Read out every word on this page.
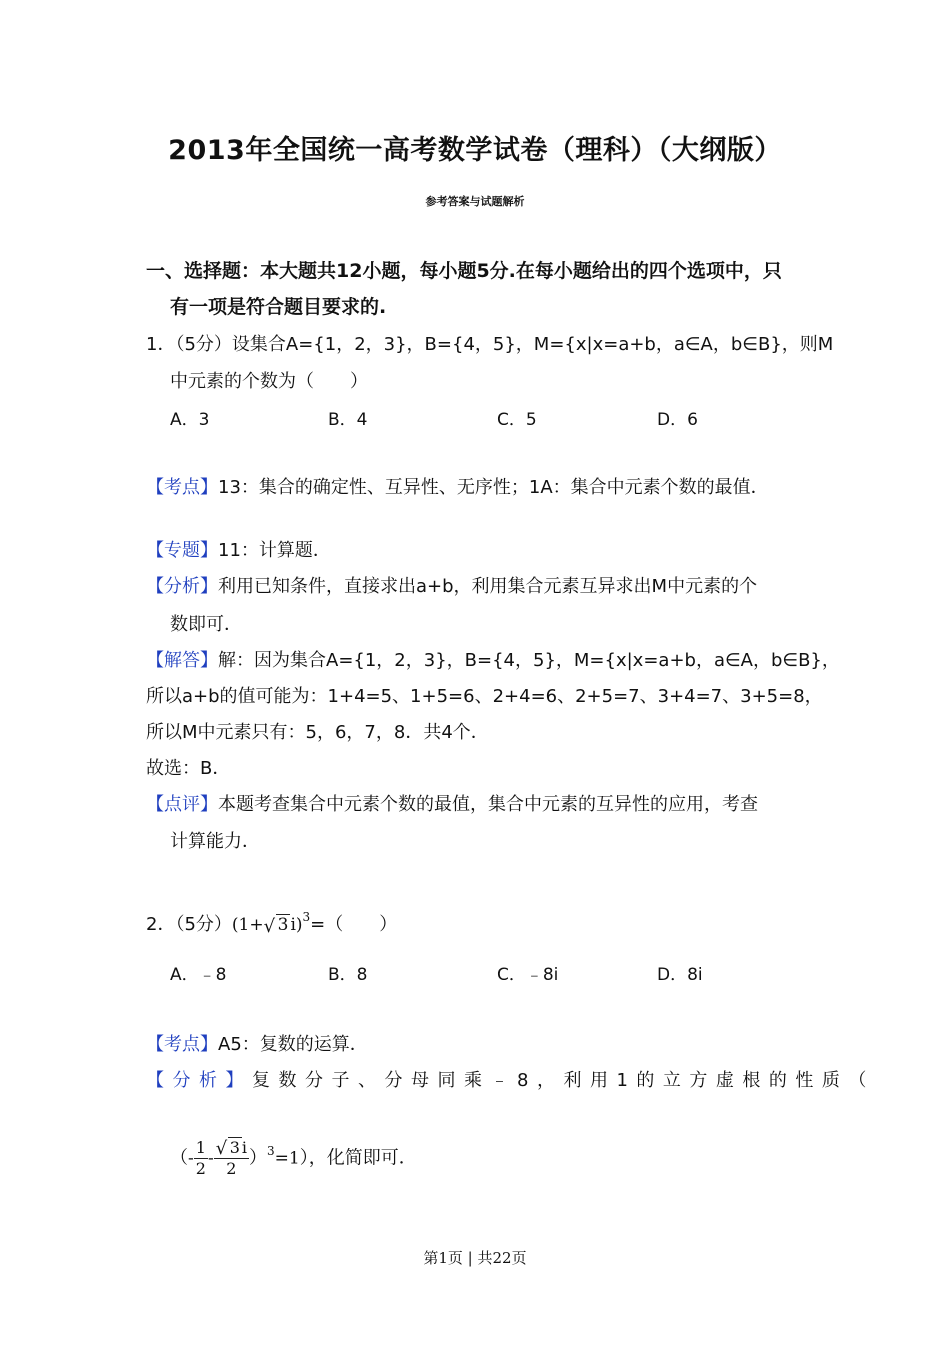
2013年全国统一高考数学试卷（理科）（大纲版）
参考答案与试题解析
一、选择题：本大题共12小题，每小题5分.在每小题给出的四个选项中，只
有一项是符合题目要求的.
1．（5分）设集合A={1，2，3}，B={4，5}，M={x|x=a+b，a∈A，b∈B}，则M
中元素的个数为（　　）
A．3	B．4	C．5	D．6
【考点】13：集合的确定性、互异性、无序性；1A：集合中元素个数的最值．
【专题】11：计算题．
【分析】利用已知条件，直接求出a+b，利用集合元素互异求出M中元素的个
数即可．
【解答】解：因为集合A={1，2，3}，B={4，5}，M={x|x=a+b，a∈A，b∈B}，
所以a+b的值可能为：1+4=5、1+5=6、2+4=6、2+5=7、3+4=7、3+5=8，
所以M中元素只有：5，6，7，8．共4个．
故选：B．
【点评】本题考查集合中元素个数的最值，集合中元素的互异性的应用，考查
计算能力．
2．（5分）(1+ √ 3 i)$^3$=（　　）
A．﹣8	B．8	C．﹣8i	D．8i
【考点】A5：复数的运算．
【分析】复数分子、分母同乘﹣8，利用1的立方虚根的性质（
（- $\frac{1}{2} - \frac{√ 3 i}{2} )^3=1$），化简即可．
第1页 | 共22页
